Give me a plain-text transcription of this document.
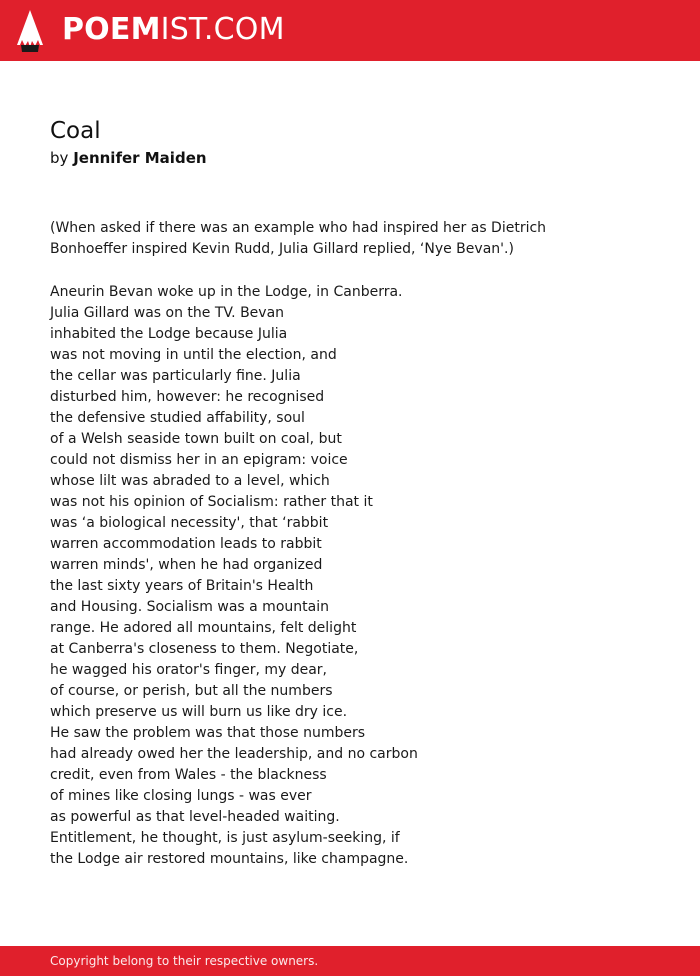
POEMIST.COM
Coal
by Jennifer Maiden
(When asked if there was an example who had inspired her as Dietrich
Bonhoeffer inspired Kevin Rudd, Julia Gillard replied, ‘Nye Bevan'.)
Aneurin Bevan woke up in the Lodge, in Canberra.
Julia Gillard was on the TV. Bevan
inhabited the Lodge because Julia
was not moving in until the election, and
the cellar was particularly fine. Julia
disturbed him, however: he recognised
the defensive studied affability, soul
of a Welsh seaside town built on coal, but
could not dismiss her in an epigram: voice
whose lilt was abraded to a level, which
was not his opinion of Socialism: rather that it
was ‘a biological necessity', that ‘rabbit
warren accommodation leads to rabbit
warren minds', when he had organized
the last sixty years of Britain's Health
and Housing. Socialism was a mountain
range. He adored all mountains, felt delight
at Canberra's closeness to them. Negotiate,
he wagged his orator's finger, my dear,
of course, or perish, but all the numbers
which preserve us will burn us like dry ice.
He saw the problem was that those numbers
had already owed her the leadership, and no carbon
credit, even from Wales - the blackness
of mines like closing lungs - was ever
as powerful as that level-headed waiting.
Entitlement, he thought, is just asylum-seeking, if
the Lodge air restored mountains, like champagne.
Copyright belong to their respective owners.
